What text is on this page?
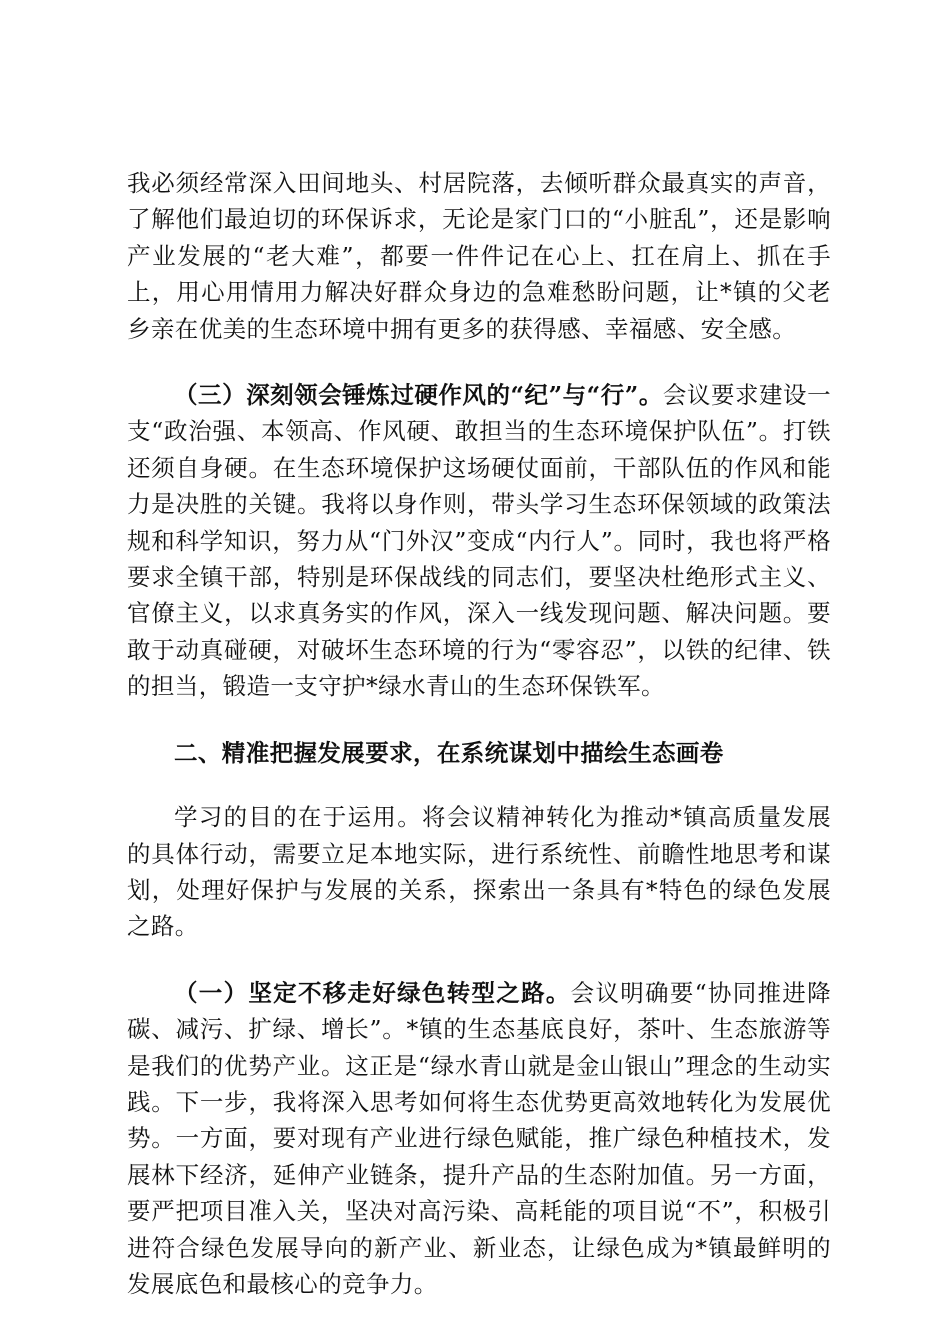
我必须经常深入田间地头、村居院落，去倾听群众最真实的声音，了解他们最迫切的环保诉求，无论是家门口的“小脏乱”，还是影响产业发展的“老大难”，都要一件件记在心上、扛在肩上、抓在手上，用心用情用力解决好群众身边的急难愁盼问题，让*镇的父老乡亲在优美的生态环境中拥有更多的获得感、幸福感、安全感。

（三）深刻领会锤炼过硬作风的“纪”与“行”。会议要求建设一支“政治强、本领高、作风硬、敢担当的生态环境保护队伍”。打铁还须自身硬。在生态环境保护这场硬仗面前，干部队伍的作风和能力是决胜的关键。我将以身作则，带头学习生态环保领域的政策法规和科学知识，努力从“门外汉”变成“内行人”。同时，我也将严格要求全镇干部，特别是环保战线的同志们，要坚决杜绝形式主义、官僚主义，以求真务实的作风，深入一线发现问题、解决问题。要敢于动真碰硬，对破坏生态环境的行为“零容忍”，以铁的纪律、铁的担当，锻造一支守护*绿水青山的生态环保铁军。

二、精准把握发展要求，在系统谋划中描绘生态画卷

学习的目的在于运用。将会议精神转化为推动*镇高质量发展的具体行动，需要立足本地实际，进行系统性、前瞻性地思考和谋划，处理好保护与发展的关系，探索出一条具有*特色的绿色发展之路。

（一）坚定不移走好绿色转型之路。会议明确要“协同推进降碳、减污、扩绿、增长”。*镇的生态基底良好，茶叶、生态旅游等是我们的优势产业。这正是“绿水青山就是金山银山”理念的生动实践。下一步，我将深入思考如何将生态优势更高效地转化为发展优势。一方面，要对现有产业进行绿色赋能，推广绿色种植技术，发展林下经济，延伸产业链条，提升产品的生态附加值。另一方面，要严把项目准入关，坚决对高污染、高耗能的项目说“不”，积极引进符合绿色发展导向的新产业、新业态，让绿色成为*镇最鲜明的发展底色和最核心的竞争力。
